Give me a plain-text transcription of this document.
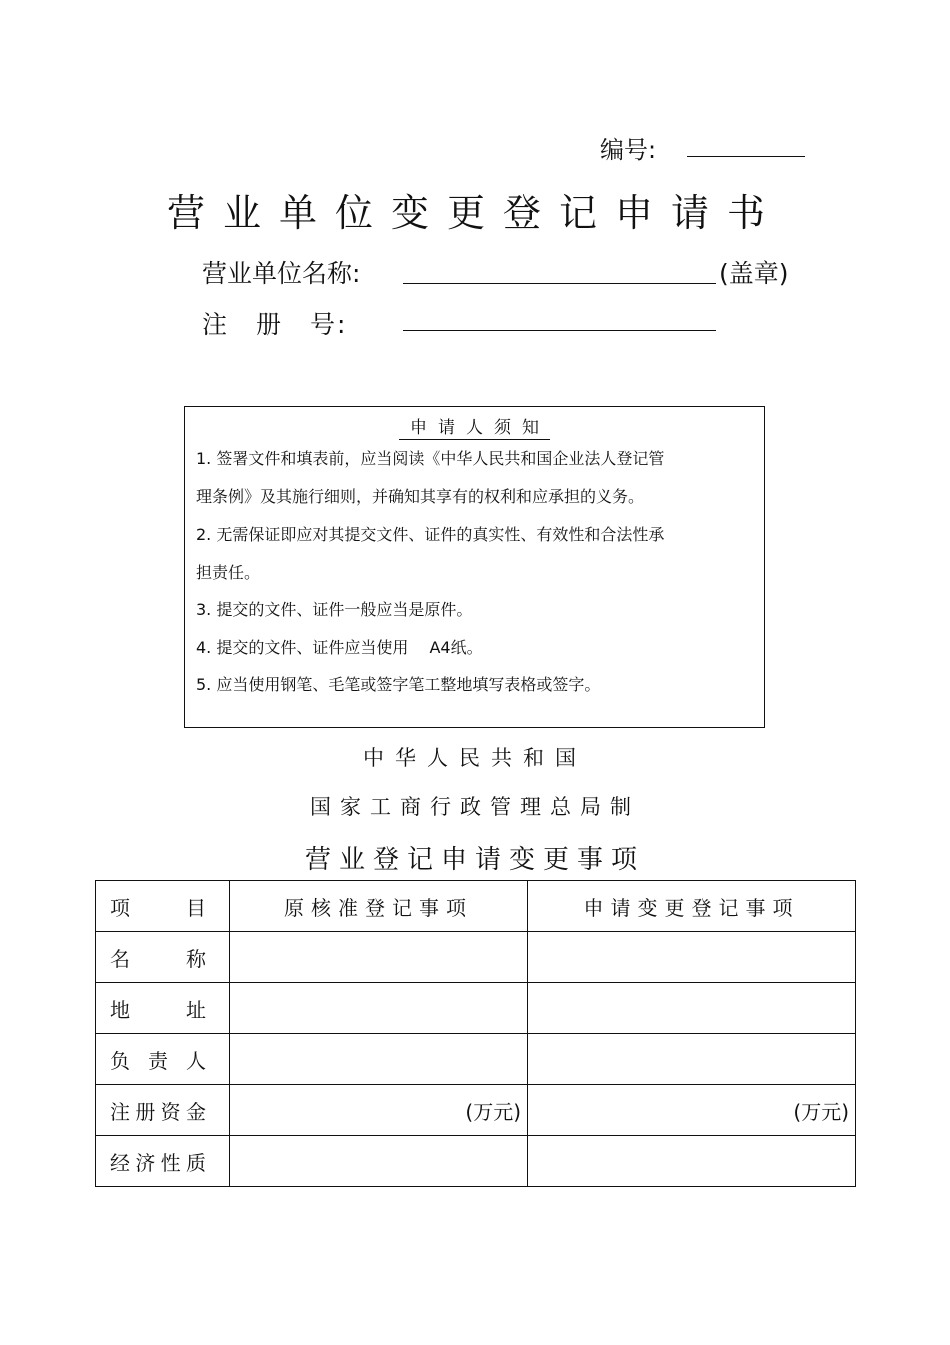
编号:
营业单位变更登记申请书
营业单位名称:	(盖章)
注　册　号:
申请人须知
1. 签署文件和填表前，应当阅读《中华人民共和国企业法人登记管
理条例》及其施行细则，并确知其享有的权利和应承担的义务。
2. 无需保证即应对其提交文件、证件的真实性、有效性和合法性承
担责任。
3. 提交的文件、证件一般应当是原件。
4. 提交的文件、证件应当使用　 A4纸。
5. 应当使用钢笔、毛笔或签字笔工整地填写表格或签字。
中华人民共和国
国家工商行政管理总局制
营业登记申请变更事项
项 目	原核准登记事项	申请变更登记事项

名 称		

地 址		

负 责 人		

注 册 资 金	(万元)	(万元)

经 济 性 质		
